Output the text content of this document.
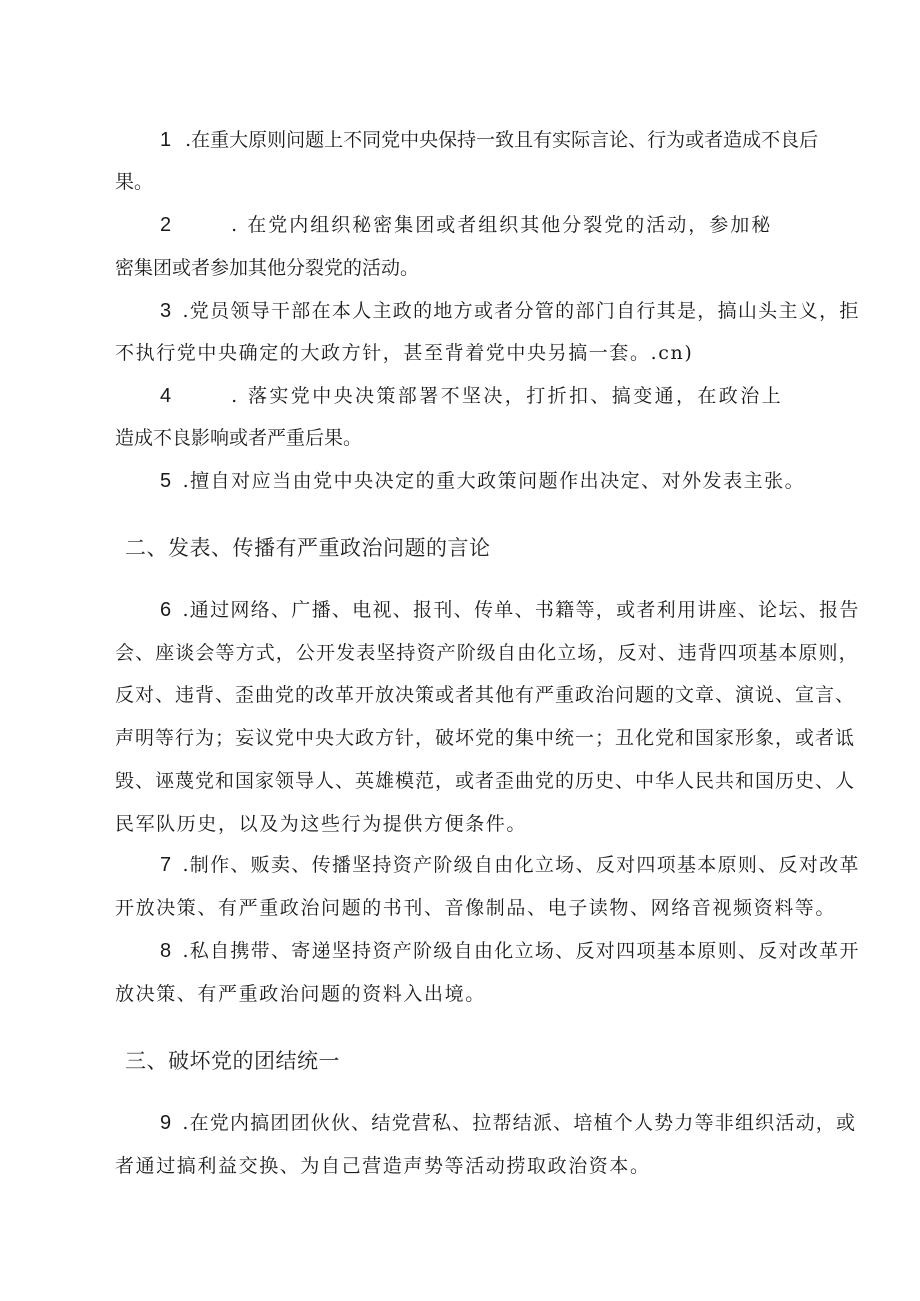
1 .在重大原则问题上不同党中央保持一致且有实际言论、行为或者造成不良后
果。
2	. 在党内组织秘密集团或者组织其他分裂党的活动，参加秘
密集团或者参加其他分裂党的活动。
3 .党员领导干部在本人主政的地方或者分管的部门自行其是，搞山头主义，拒
不执行党中央确定的大政方针，甚至背着党中央另搞一套。.cn)
4	. 落实党中央决策部署不坚决，打折扣、搞变通，在政治上
造成不良影响或者严重后果。
5 .擅自对应当由党中央决定的重大政策问题作出决定、对外发表主张。
二、发表、传播有严重政治问题的言论
6 .通过网络、广播、电视、报刊、传单、书籍等，或者利用讲座、论坛、报告
会、座谈会等方式，公开发表坚持资产阶级自由化立场，反对、违背四项基本原则，
反对、违背、歪曲党的改革开放决策或者其他有严重政治问题的文章、演说、宣言、
声明等行为；妄议党中央大政方针，破坏党的集中统一；丑化党和国家形象，或者诋
毁、诬蔑党和国家领导人、英雄模范，或者歪曲党的历史、中华人民共和国历史、人
民军队历史，以及为这些行为提供方便条件。
7 .制作、贩卖、传播坚持资产阶级自由化立场、反对四项基本原则、反对改革
开放决策、有严重政治问题的书刊、音像制品、电子读物、网络音视频资料等。
8 .私自携带、寄递坚持资产阶级自由化立场、反对四项基本原则、反对改革开
放决策、有严重政治问题的资料入出境。
三、破坏党的团结统一
9 .在党内搞团团伙伙、结党营私、拉帮结派、培植个人势力等非组织活动，或
者通过搞利益交换、为自己营造声势等活动捞取政治资本。
